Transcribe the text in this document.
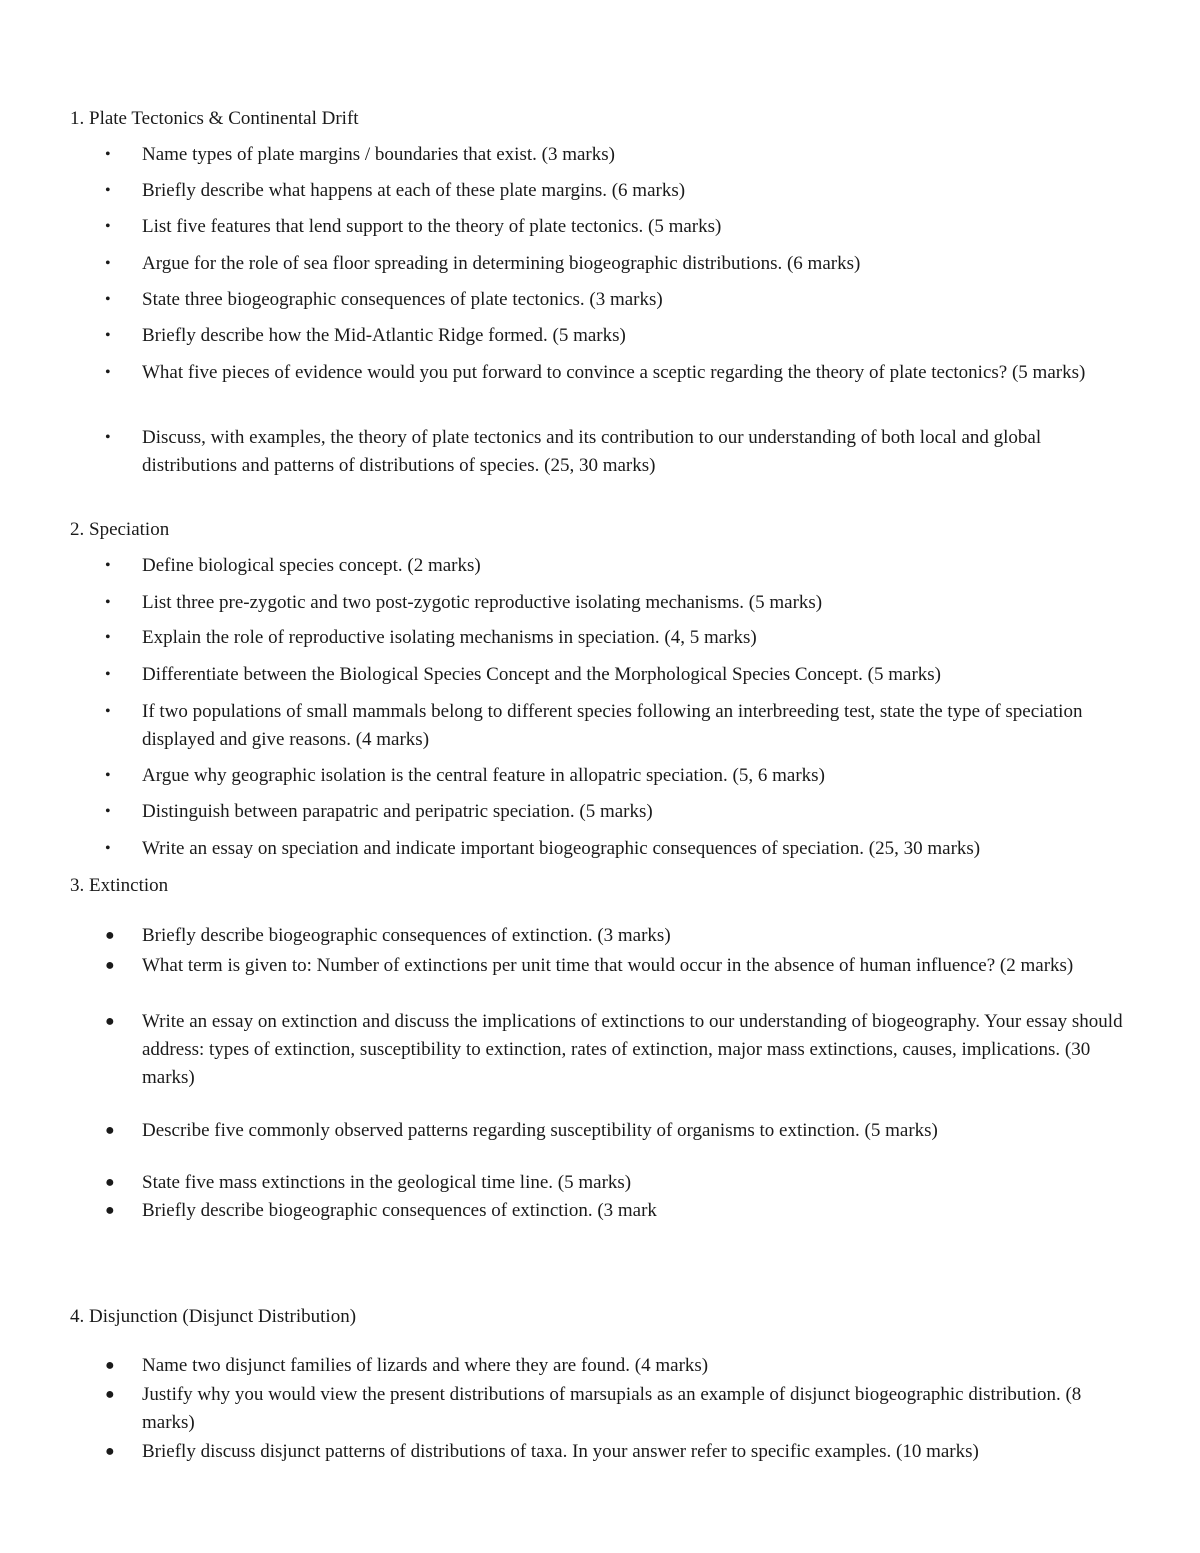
1. Plate Tectonics & Continental Drift
•	Name types of plate margins / boundaries that exist. (3 marks)
•	Briefly describe what happens at each of these plate margins. (6 marks)
•	List five features that lend support to the theory of plate tectonics. (5 marks)
•	Argue for the role of sea floor spreading in determining biogeographic distributions. (6 marks)
•	State three biogeographic consequences of plate tectonics. (3 marks)
•	Briefly describe how the Mid-Atlantic Ridge formed. (5 marks)
•	What five pieces of evidence would you put forward to convince a sceptic regarding the theory of plate tectonics? (5 marks)
•	Discuss, with examples, the theory of plate tectonics and its contribution to our understanding of both local and global distributions and patterns of distributions of species. (25, 30 marks)
2. Speciation
•	Define biological species concept. (2 marks)
•	List three pre-zygotic and two post-zygotic reproductive isolating mechanisms. (5 marks)
•	Explain the role of reproductive isolating mechanisms in speciation. (4, 5 marks)
•	Differentiate between the Biological Species Concept and the Morphological Species Concept. (5 marks)
•	If two populations of small mammals belong to different species following an interbreeding test, state the type of speciation displayed and give reasons. (4 marks)
•	Argue why geographic isolation is the central feature in allopatric speciation. (5, 6 marks)
•	Distinguish between parapatric and peripatric speciation. (5 marks)
•	Write an essay on speciation and indicate important biogeographic consequences of speciation. (25, 30 marks)
3. Extinction
●	Briefly describe biogeographic consequences of extinction. (3 marks)
●	What term is given to: Number of extinctions per unit time that would occur in the absence of human influence? (2 marks)
●	Write an essay on extinction and discuss the implications of extinctions to our understanding of biogeography. Your essay should address: types of extinction, susceptibility to extinction, rates of extinction, major mass extinctions, causes, implications. (30 marks)
●	Describe five commonly observed patterns regarding susceptibility of organisms to extinction. (5 marks)
●	State five mass extinctions in the geological time line. (5 marks)
●	Briefly describe biogeographic consequences of extinction. (3 mark
4. Disjunction (Disjunct Distribution)
●	Name two disjunct families of lizards and where they are found. (4 marks)
●	Justify why you would view the present distributions of marsupials as an example of disjunct biogeographic distribution. (8 marks)
●	Briefly discuss disjunct patterns of distributions of taxa. In your answer refer to specific examples. (10 marks)
